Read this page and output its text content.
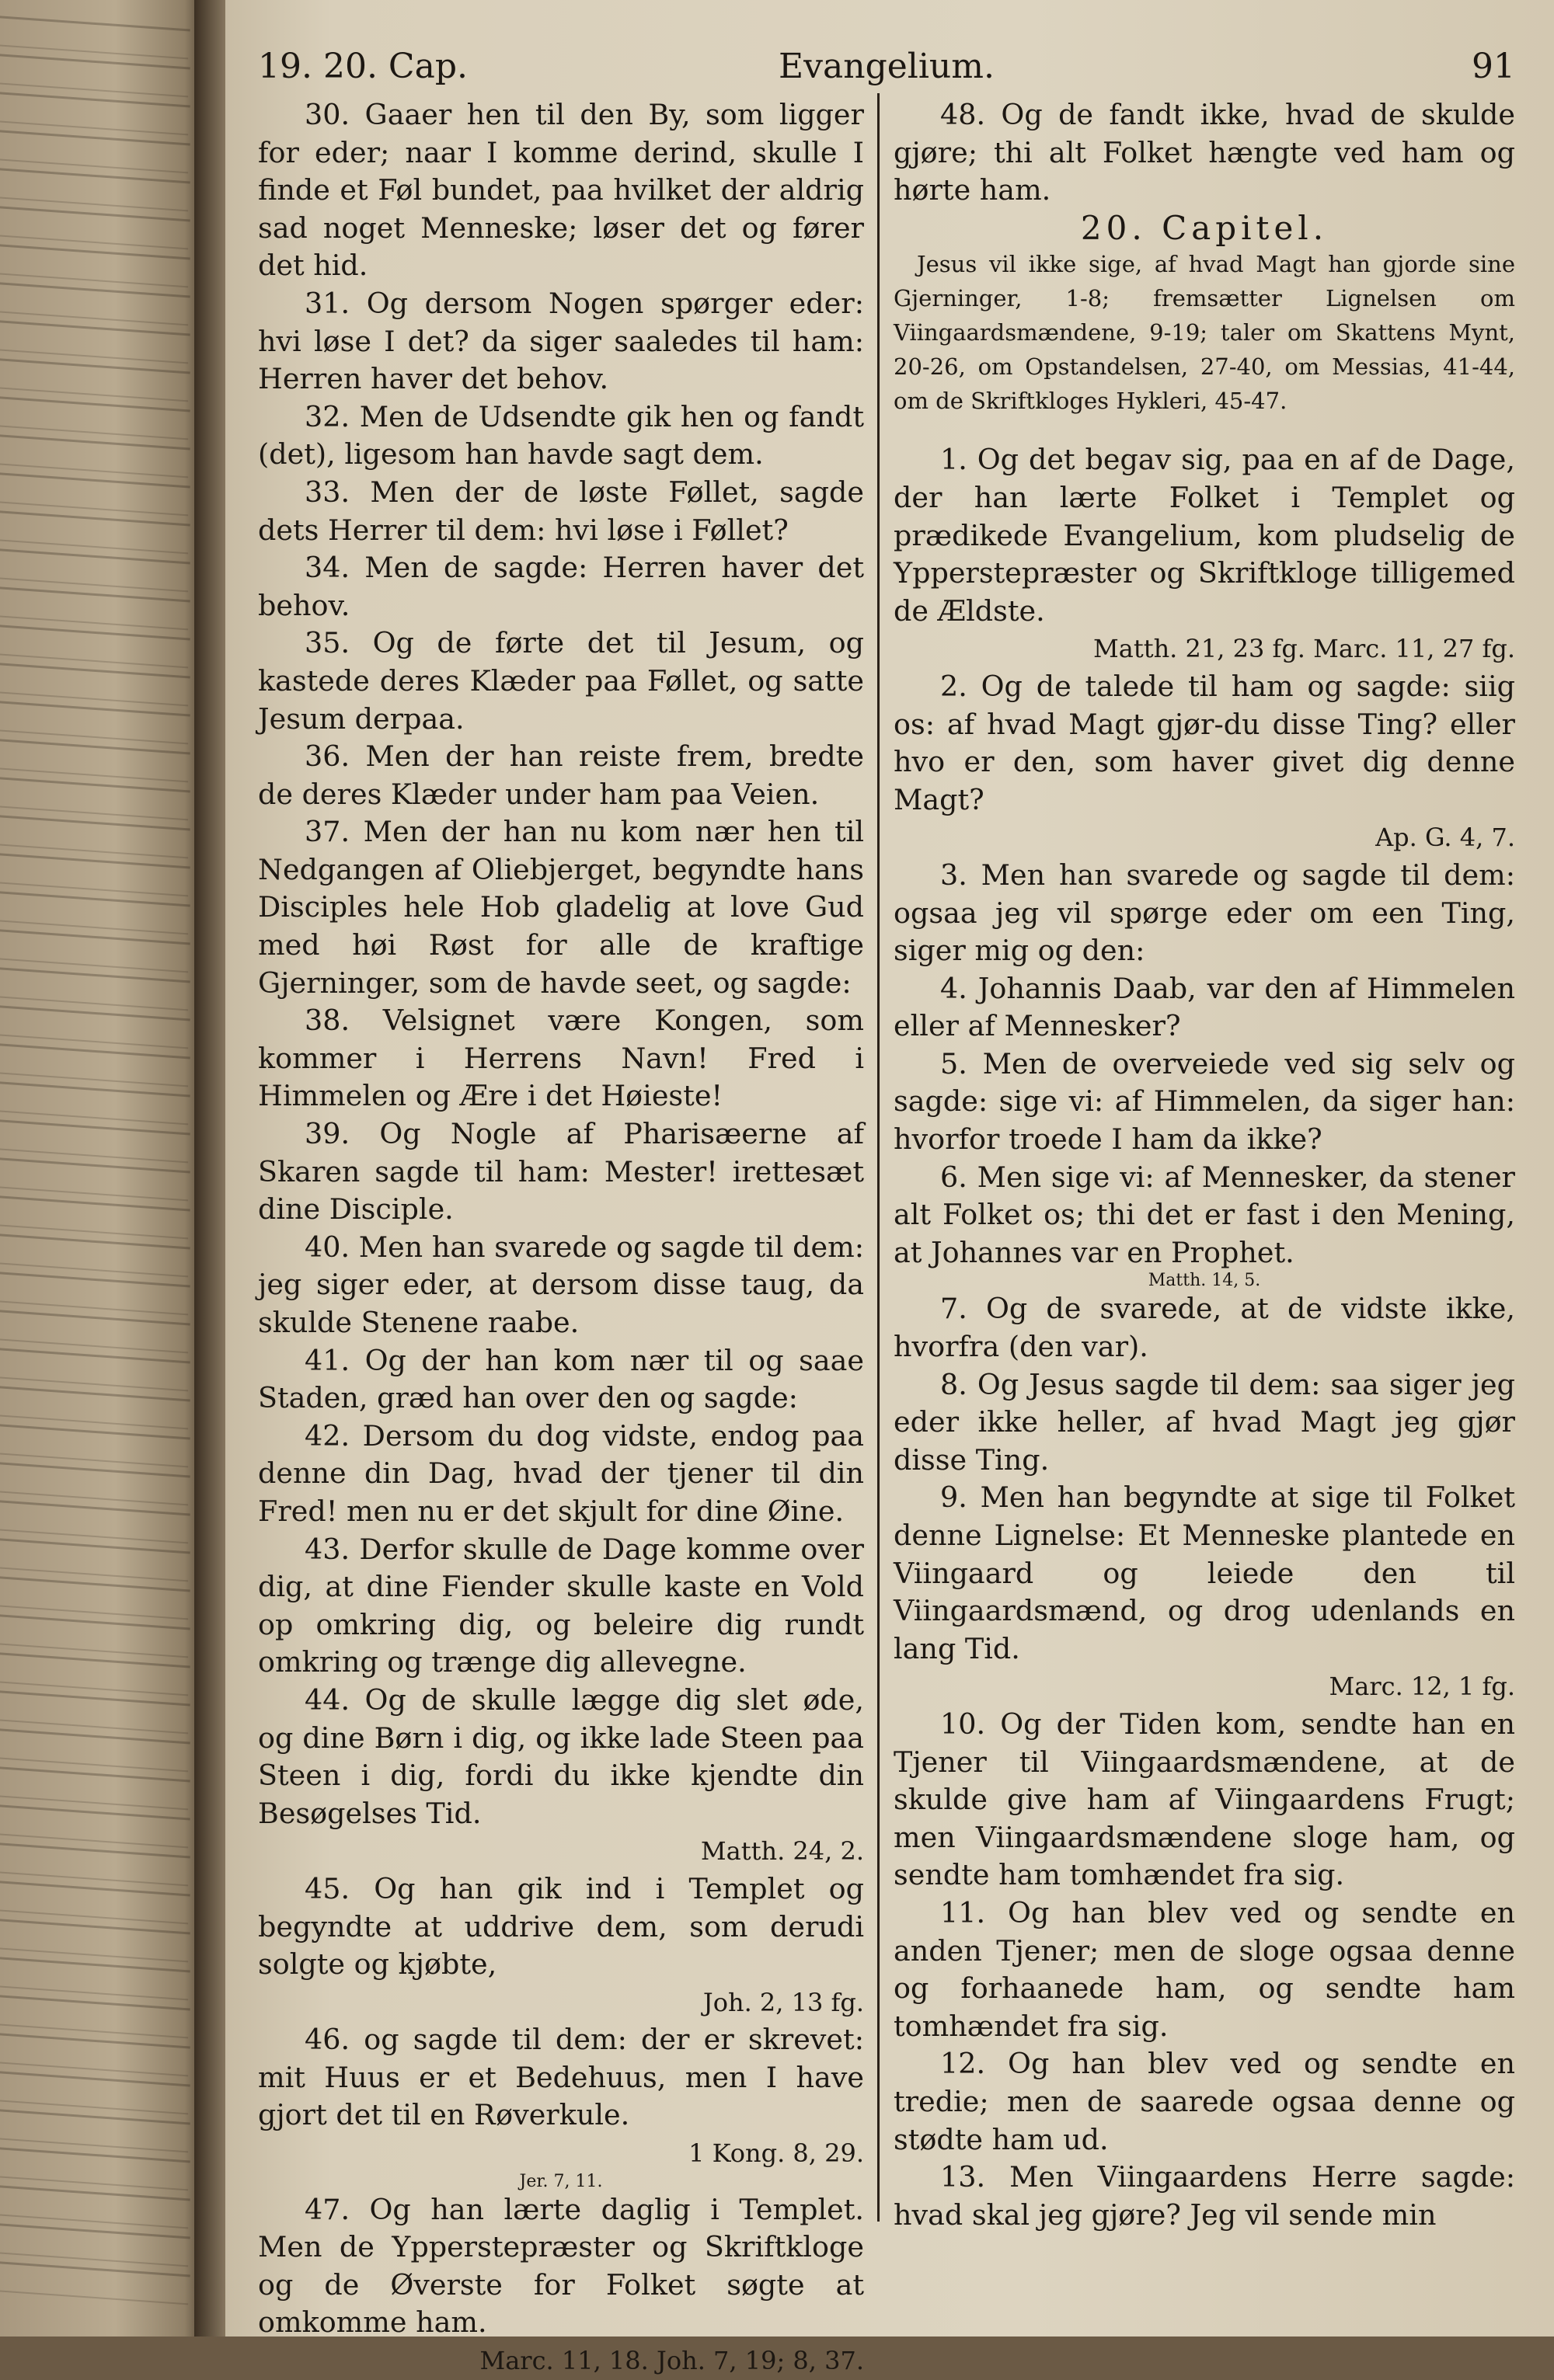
19. 20. Cap.	Evangelium.	91

30. Gaaer hen til den By, som ligger for eder; naar I komme derind, skulle I finde et Føl bundet, paa hvilket der aldrig sad noget Menneske; løser det og fører det hid.

31. Og dersom Nogen spørger eder: hvi løse I det? da siger saaledes til ham: Herren haver det behov.

32. Men de Udsendte gik hen og fandt (det), ligesom han havde sagt dem.

33. Men der de løste Føllet, sagde dets Herrer til dem: hvi løse i Føllet?

34. Men de sagde: Herren haver det behov.

35. Og de førte det til Jesum, og kastede deres Klæder paa Føllet, og satte Jesum derpaa.

36. Men der han reiste frem, bredte de deres Klæder under ham paa Veien.

37. Men der han nu kom nær hen til Nedgangen af Oliebjerget, begyndte hans Disciples hele Hob gladelig at love Gud med høi Røst for alle de kraftige Gjerninger, som de havde seet, og sagde:

38. Velsignet være Kongen, som kommer i Herrens Navn! Fred i Himmelen og Ære i det Høieste!

39. Og Nogle af Pharisæerne af Skaren sagde til ham: Mester! irettesæt dine Disciple.

40. Men han svarede og sagde til dem: jeg siger eder, at dersom disse taug, da skulde Stenene raabe.

41. Og der han kom nær til og saae Staden, græd han over den og sagde:

42. Dersom du dog vidste, endog paa denne din Dag, hvad der tjener til din Fred! men nu er det skjult for dine Øine.

43. Derfor skulle de Dage komme over dig, at dine Fiender skulle kaste en Vold op omkring dig, og beleire dig rundt omkring og trænge dig allevegne.

44. Og de skulle lægge dig slet øde, og dine Børn i dig, og ikke lade Steen paa Steen i dig, fordi du ikke kjendte din Besøgelses Tid.

Matth. 24, 2.

45. Og han gik ind i Templet og begyndte at uddrive dem, som derudi solgte og kjøbte,

Joh. 2, 13 fg.

46. og sagde til dem: der er skrevet: mit Huus er et Bedehuus, men I have gjort det til en Røverkule.

1 Kong. 8, 29.

Jer. 7, 11.

47. Og han lærte daglig i Templet. Men de Ypperstepræster og Skriftkloge og de Øverste for Folket søgte at omkomme ham.

Marc. 11, 18. Joh. 7, 19; 8, 37.

48. Og de fandt ikke, hvad de skulde gjøre; thi alt Folket hængte ved ham og hørte ham.

20. Capitel.

Jesus vil ikke sige, af hvad Magt han gjorde sine Gjerninger, 1-8; fremsætter Lignelsen om Viingaardsmændene, 9-19; taler om Skattens Mynt, 20-26, om Opstandelsen, 27-40, om Messias, 41-44, om de Skriftkloges Hykleri, 45-47.

1. Og det begav sig, paa en af de Dage, der han lærte Folket i Templet og prædikede Evangelium, kom pludselig de Ypperstepræster og Skriftkloge tilligemed de Ældste.

Matth. 21, 23 fg. Marc. 11, 27 fg.

2. Og de talede til ham og sagde: siig os: af hvad Magt gjør-du disse Ting? eller hvo er den, som haver givet dig denne Magt?

Ap. G. 4, 7.

3. Men han svarede og sagde til dem: ogsaa jeg vil spørge eder om een Ting, siger mig og den:

4. Johannis Daab, var den af Himmelen eller af Mennesker?

5. Men de overveiede ved sig selv og sagde: sige vi: af Himmelen, da siger han: hvorfor troede I ham da ikke?

6. Men sige vi: af Mennesker, da stener alt Folket os; thi det er fast i den Mening, at Johannes var en Prophet.

Matth. 14, 5.

7. Og de svarede, at de vidste ikke, hvorfra (den var).

8. Og Jesus sagde til dem: saa siger jeg eder ikke heller, af hvad Magt jeg gjør disse Ting.

9. Men han begyndte at sige til Folket denne Lignelse: Et Menneske plantede en Viingaard og leiede den til Viingaardsmænd, og drog udenlands en lang Tid.

Marc. 12, 1 fg.

10. Og der Tiden kom, sendte han en Tjener til Viingaardsmændene, at de skulde give ham af Viingaardens Frugt; men Viingaardsmændene sloge ham, og sendte ham tomhændet fra sig.

11. Og han blev ved og sendte en anden Tjener; men de sloge ogsaa denne og forhaanede ham, og sendte ham tomhændet fra sig.

12. Og han blev ved og sendte en tredie; men de saarede ogsaa denne og stødte ham ud.

13. Men Viingaardens Herre sagde: hvad skal jeg gjøre? Jeg vil sende min
